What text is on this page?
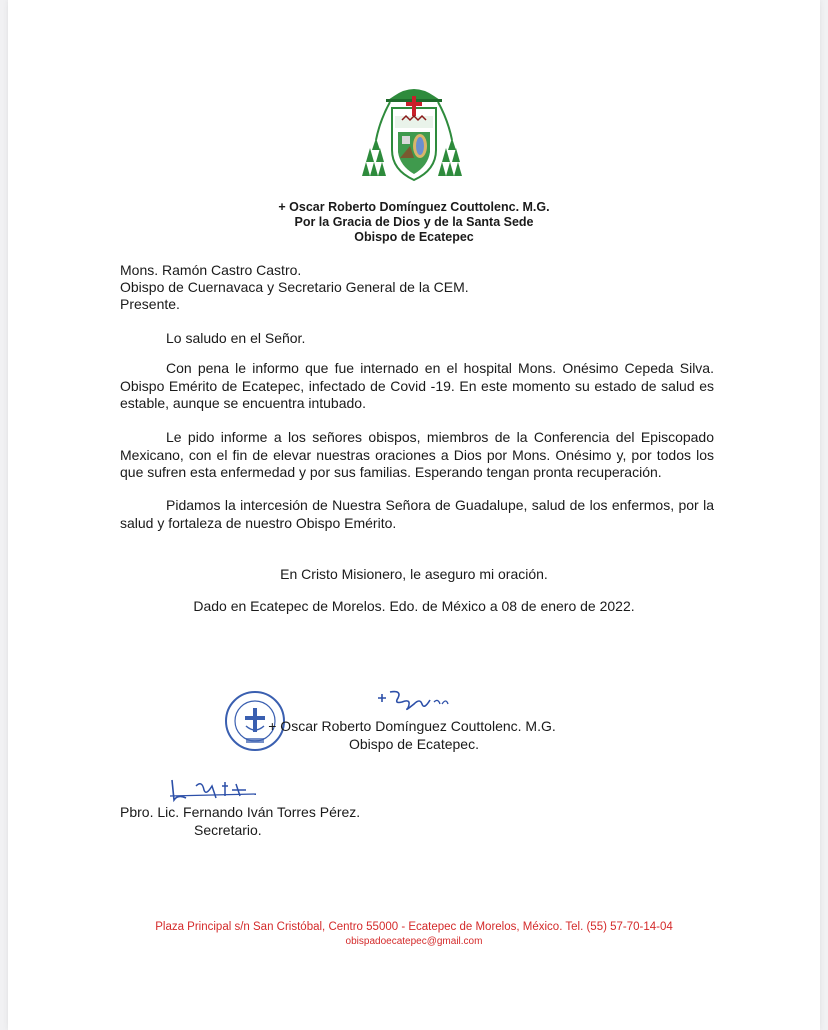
+ Oscar Roberto Domínguez Couttolenc. M.G.
Por la Gracia de Dios y de la Santa Sede
Obispo de Ecatepec
Mons. Ramón Castro Castro.
Obispo de Cuernavaca y Secretario General de la CEM.
Presente.
Lo saludo en el Señor.
Con pena le informo que fue internado en el hospital Mons. Onésimo Cepeda Silva. Obispo Emérito de Ecatepec, infectado de Covid -19. En este momento su estado de salud es estable, aunque se encuentra intubado.
Le pido informe a los señores obispos, miembros de la Conferencia del Episcopado Mexicano, con el fin de elevar nuestras oraciones a Dios por Mons. Onésimo y, por todos los que sufren esta enfermedad y por sus familias. Esperando tengan pronta recuperación.
Pidamos la intercesión de Nuestra Señora de Guadalupe, salud de los enfermos, por la salud y fortaleza de nuestro Obispo Emérito.
En Cristo Misionero, le aseguro mi oración.
Dado en Ecatepec de Morelos. Edo. de México a 08 de enero de 2022.
+ Oscar Roberto Domínguez Couttolenc. M.G.
Obispo de Ecatepec.
Pbro. Lic. Fernando Iván Torres Pérez.
Secretario.
Plaza Principal s/n San Cristóbal, Centro 55000 - Ecatepec de Morelos, México. Tel. (55) 57-70-14-04
obispadoecatepec@gmail.com
